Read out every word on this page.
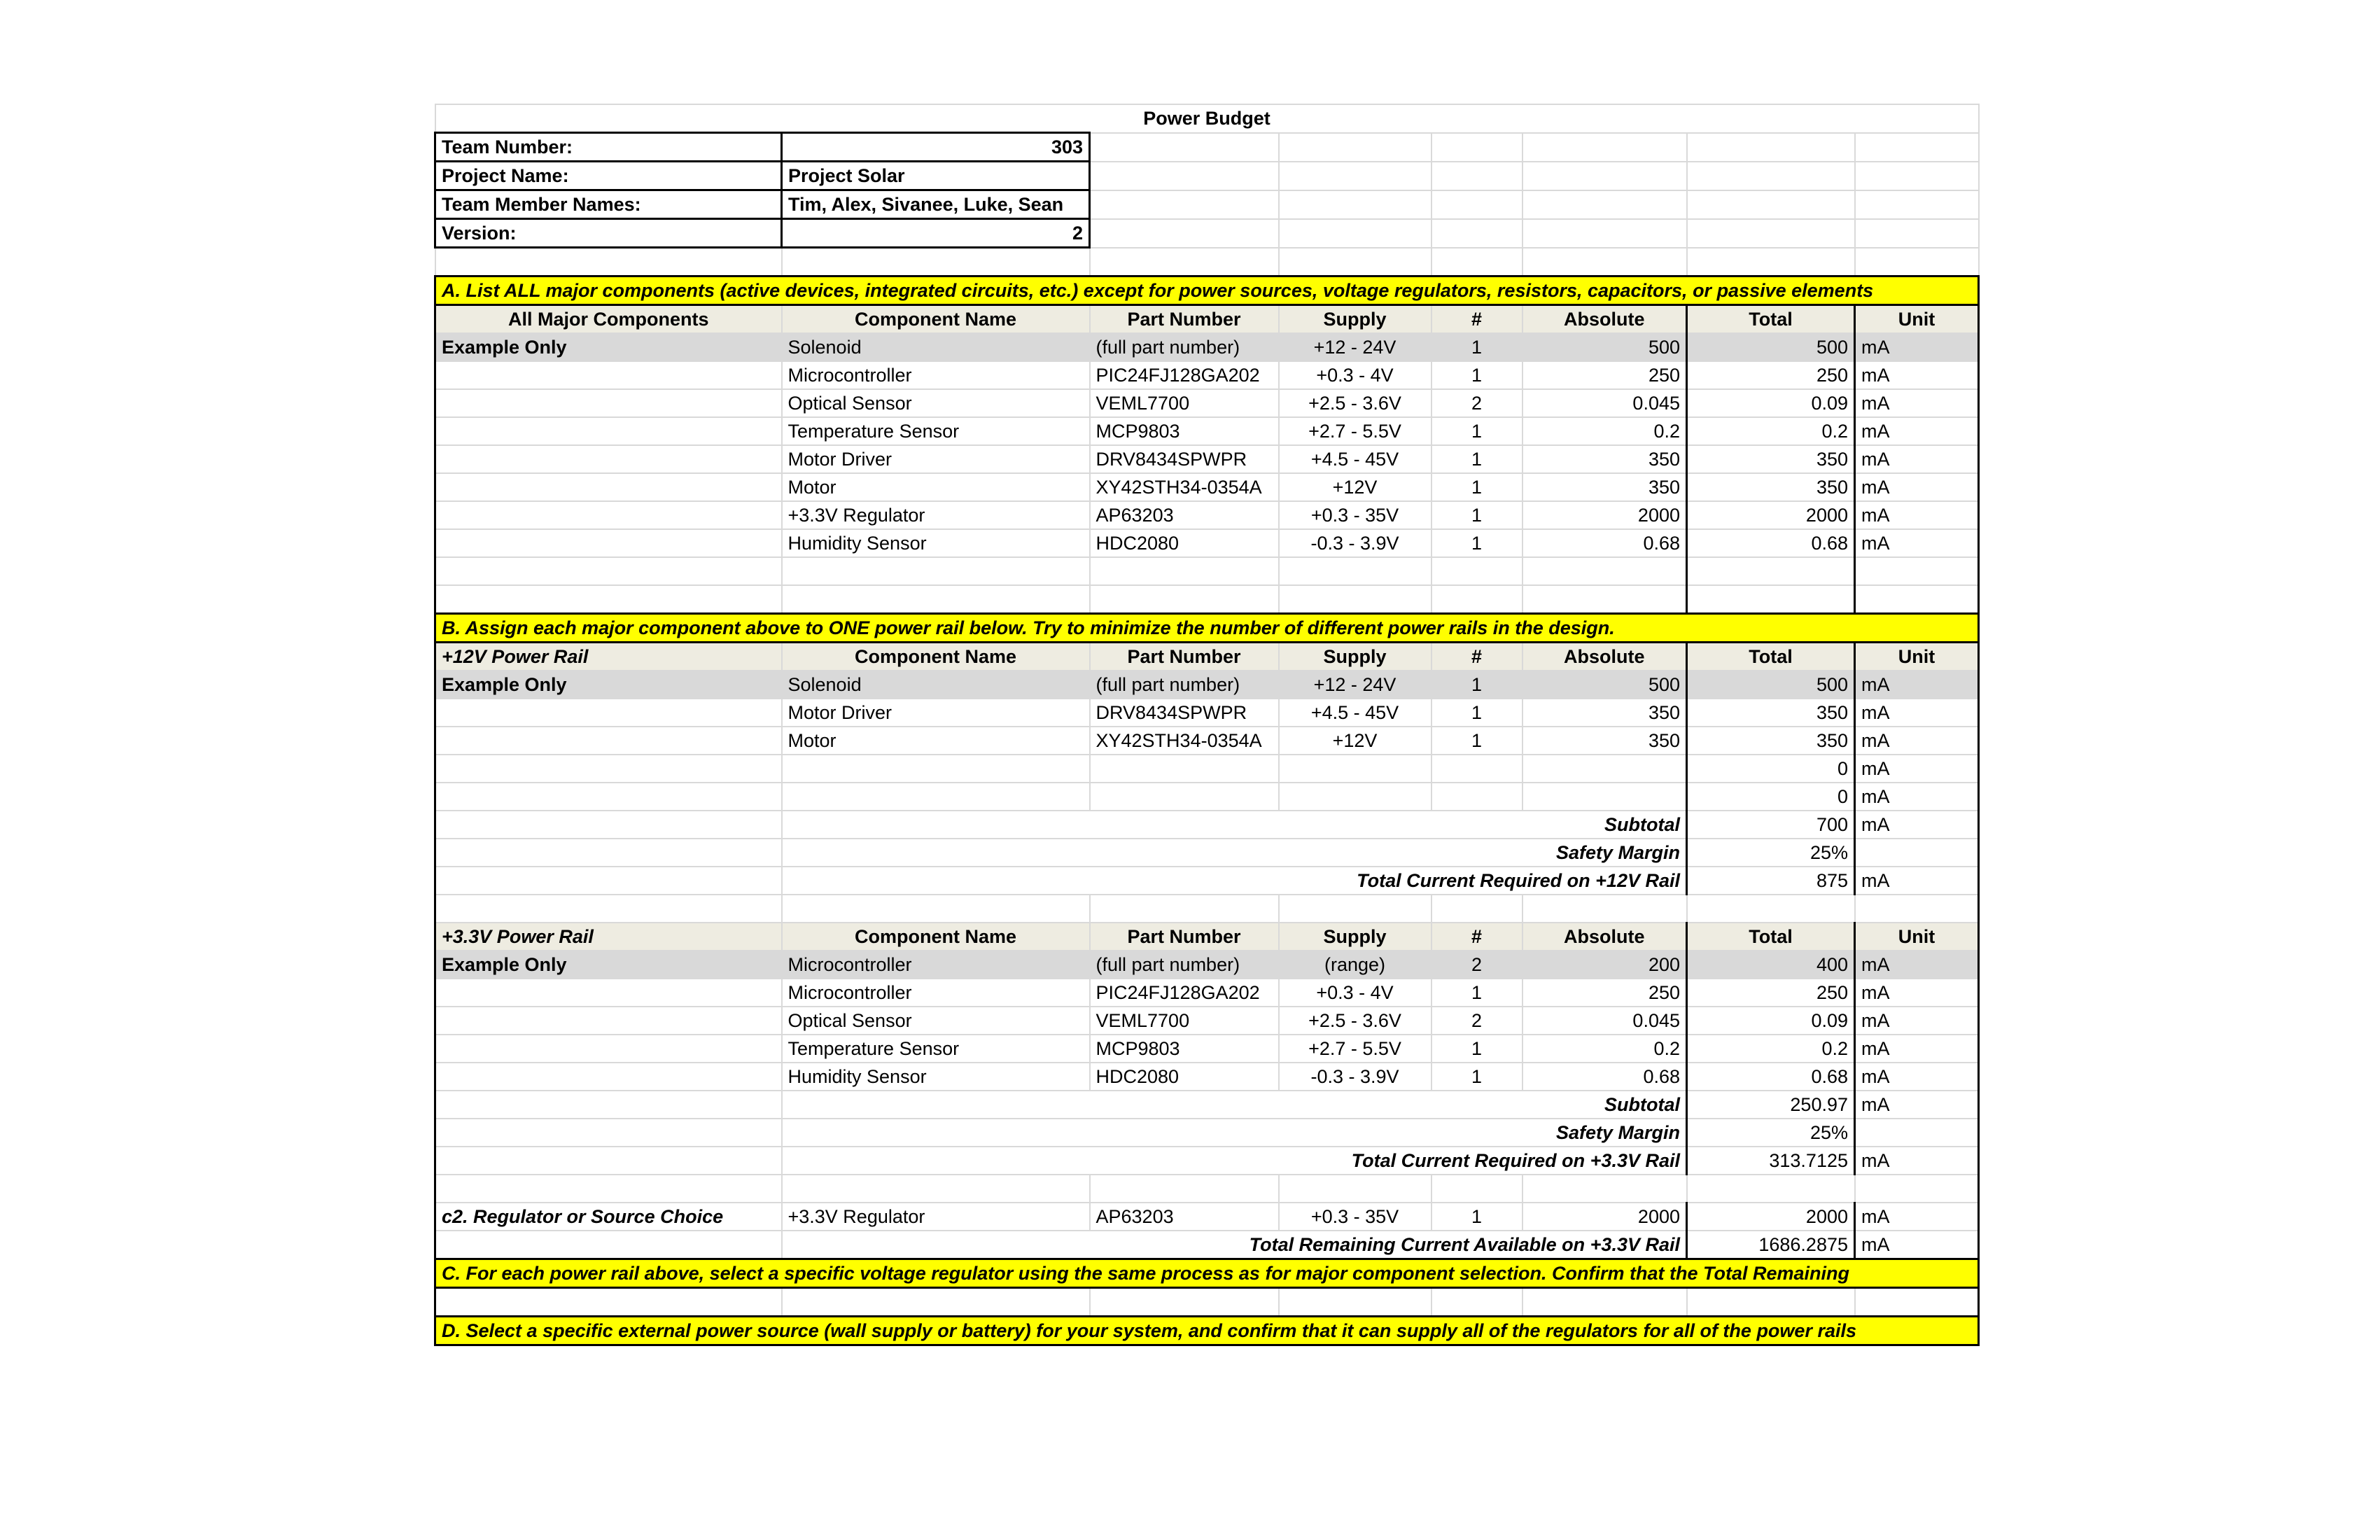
Power Budget							
Team Number:	303						
Project Name:	Project Solar						
Team Member Names:	Tim, Alex, Sivanee, Luke, Sean						
Version:	2						

A. List ALL major components (active devices, integrated circuits, etc.) except for power sources, voltage regulators, resistors, capacitors, or passive elements							
All Major Components	Component Name	Part Number	Supply	#	Absolute	Total	Unit
Example Only	Solenoid	(full part number)	+12 - 24V	1	500	500	mA
	Microcontroller	PIC24FJ128GA202	+0.3 - 4V	1	250	250	mA
	Optical Sensor	VEML7700	+2.5 - 3.6V	2	0.045	0.09	mA
	Temperature Sensor	MCP9803	+2.7 - 5.5V	1	0.2	0.2	mA
	Motor Driver	DRV8434SPWPR	+4.5 - 45V	1	350	350	mA
	Motor	XY42STH34-0354A	+12V	1	350	350	mA
	+3.3V Regulator	AP63203	+0.3 - 35V	1	2000	2000	mA
	Humidity Sensor	HDC2080	-0.3 - 3.9V	1	0.68	0.68	mA

B. Assign each major component above to ONE power rail below. Try to minimize the number of different power rails in the design.							
+12V Power Rail	Component Name	Part Number	Supply	#	Absolute	Total	Unit
Example Only	Solenoid	(full part number)	+12 - 24V	1	500	500	mA
	Motor Driver	DRV8434SPWPR	+4.5 - 45V	1	350	350	mA
	Motor	XY42STH34-0354A	+12V	1	350	350	mA
						0	mA
						0	mA
	Subtotal					700	mA
	Safety Margin					25%	
	Total Current Required on +12V Rail					875	mA

+3.3V Power Rail	Component Name	Part Number	Supply	#	Absolute	Total	Unit
Example Only	Microcontroller	(full part number)	(range)	2	200	400	mA
	Microcontroller	PIC24FJ128GA202	+0.3 - 4V	1	250	250	mA
	Optical Sensor	VEML7700	+2.5 - 3.6V	2	0.045	0.09	mA
	Temperature Sensor	MCP9803	+2.7 - 5.5V	1	0.2	0.2	mA
	Humidity Sensor	HDC2080	-0.3 - 3.9V	1	0.68	0.68	mA
	Subtotal					250.97	mA
	Safety Margin					25%	
	Total Current Required on +3.3V Rail					313.7125	mA

c2. Regulator or Source Choice	+3.3V Regulator	AP63203	+0.3 - 35V	1	2000	2000	mA
	Total Remaining Current Available on +3.3V Rail					1686.2875	mA
C. For each power rail above, select a specific voltage regulator using the same process as for major component selection. Confirm that the Total Remaining							

D. Select a specific external power source (wall supply or battery) for your system, and confirm that it can supply all of the regulators for all of the power rails							
